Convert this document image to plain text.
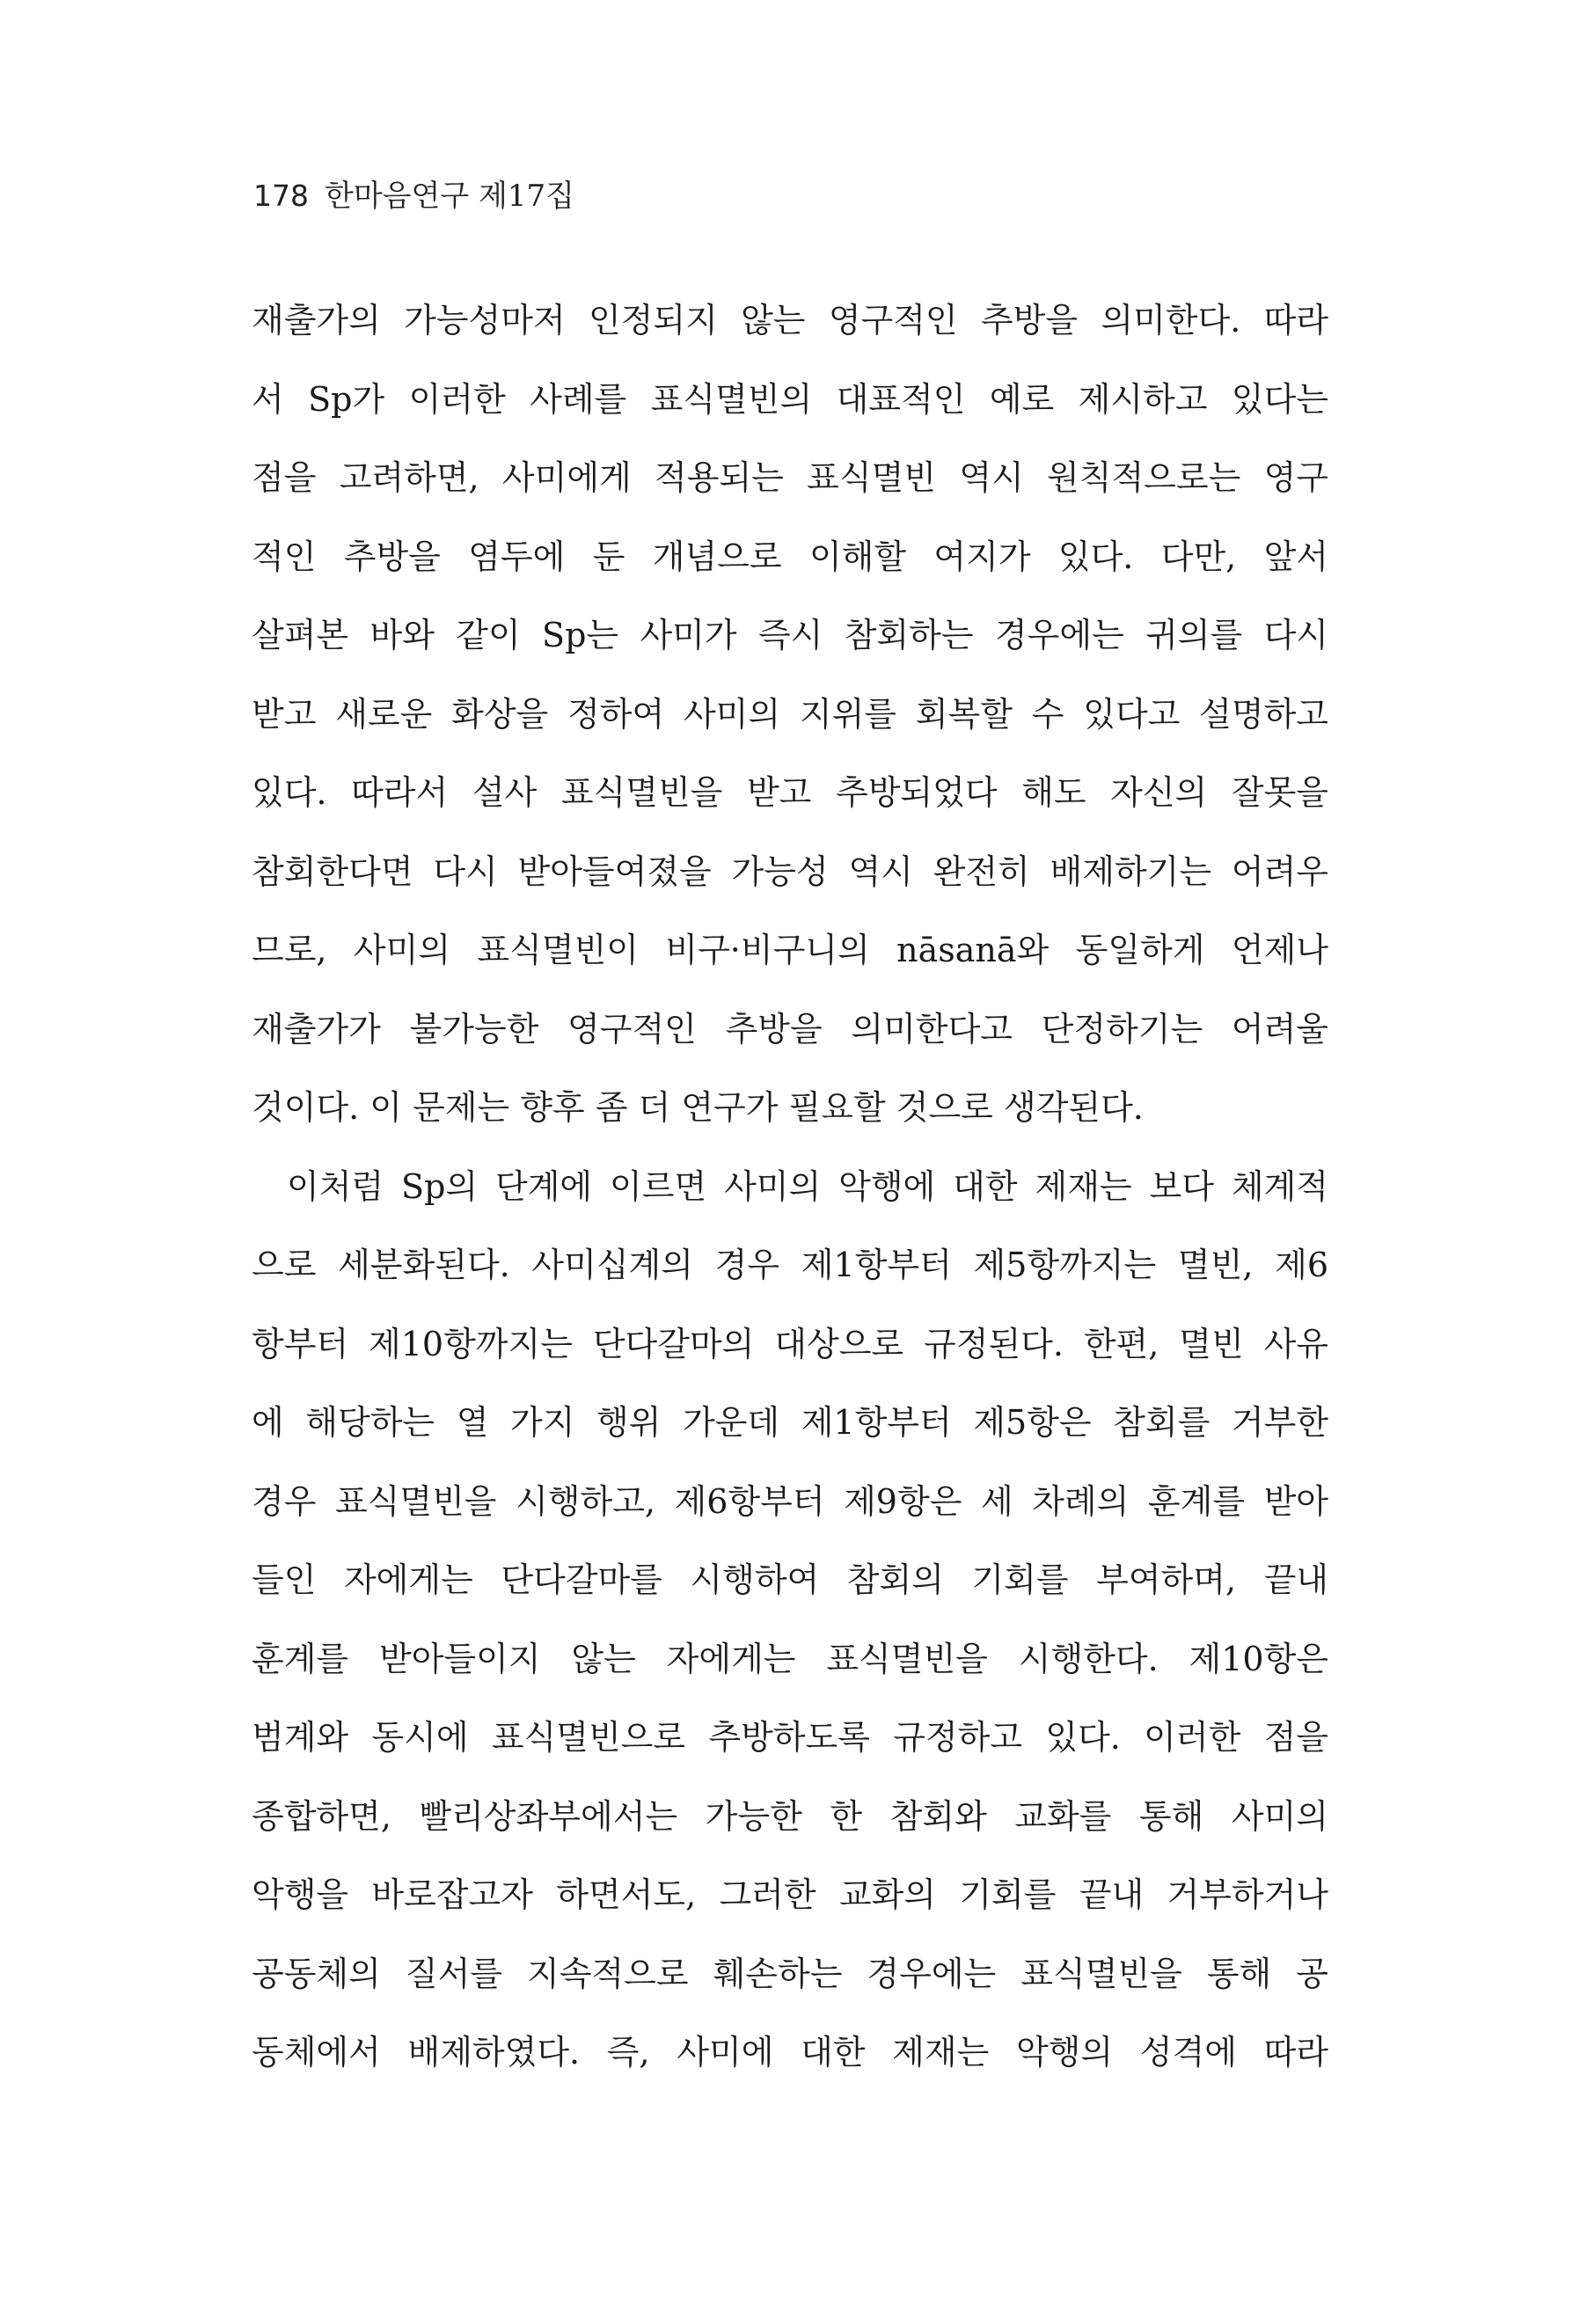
178 한마음연구 제17집
재출가의 가능성마저 인정되지 않는 영구적인 추방을 의미한다. 따라
서 Sp가 이러한 사례를 표식멸빈의 대표적인 예로 제시하고 있다는
점을 고려하면, 사미에게 적용되는 표식멸빈 역시 원칙적으로는 영구
적인 추방을 염두에 둔 개념으로 이해할 여지가 있다. 다만, 앞서
살펴본 바와 같이 Sp는 사미가 즉시 참회하는 경우에는 귀의를 다시
받고 새로운 화상을 정하여 사미의 지위를 회복할 수 있다고 설명하고
있다. 따라서 설사 표식멸빈을 받고 추방되었다 해도 자신의 잘못을
참회한다면 다시 받아들여졌을 가능성 역시 완전히 배제하기는 어려우
므로, 사미의 표식멸빈이 비구·비구니의 nāsanā와 동일하게 언제나
재출가가 불가능한 영구적인 추방을 의미한다고 단정하기는 어려울
것이다. 이 문제는 향후 좀 더 연구가 필요할 것으로 생각된다.
이처럼 Sp의 단계에 이르면 사미의 악행에 대한 제재는 보다 체계적
으로 세분화된다. 사미십계의 경우 제1항부터 제5항까지는 멸빈, 제6
항부터 제10항까지는 단다갈마의 대상으로 규정된다. 한편, 멸빈 사유
에 해당하는 열 가지 행위 가운데 제1항부터 제5항은 참회를 거부한
경우 표식멸빈을 시행하고, 제6항부터 제9항은 세 차례의 훈계를 받아
들인 자에게는 단다갈마를 시행하여 참회의 기회를 부여하며, 끝내
훈계를 받아들이지 않는 자에게는 표식멸빈을 시행한다. 제10항은
범계와 동시에 표식멸빈으로 추방하도록 규정하고 있다. 이러한 점을
종합하면, 빨리상좌부에서는 가능한 한 참회와 교화를 통해 사미의
악행을 바로잡고자 하면서도, 그러한 교화의 기회를 끝내 거부하거나
공동체의 질서를 지속적으로 훼손하는 경우에는 표식멸빈을 통해 공
동체에서 배제하였다. 즉, 사미에 대한 제재는 악행의 성격에 따라
